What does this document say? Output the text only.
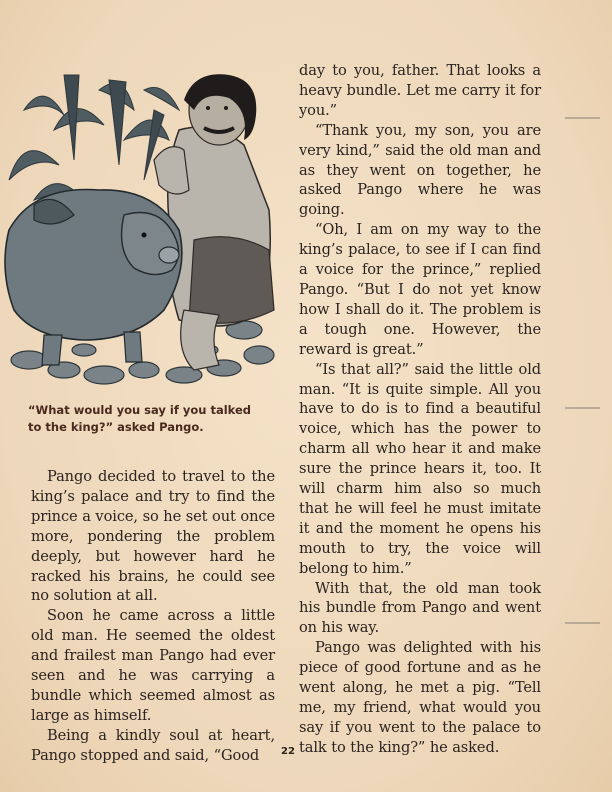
“What would you say if you talked to the king?” asked Pango.

Pango decided to travel to the king’s palace and try to find the prince a voice, so he set out once more, pondering the problem deeply, but however hard he racked his brains, he could see no solution at all.

Soon he came across a little old man. He seemed the oldest and frailest man Pango had ever seen and he was carrying a bundle which seemed almost as large as himself.

Being a kindly soul at heart, Pango stopped and said, “Good

day to you, father. That looks a heavy bundle. Let me carry it for you.”

“Thank you, my son, you are very kind,” said the old man and as they went on together, he asked Pango where he was going.

“Oh, I am on my way to the king’s palace, to see if I can find a voice for the prince,” replied Pango. “But I do not yet know how I shall do it. The problem is a tough one. However, the reward is great.”

“Is that all?” said the little old man. “It is quite simple. All you have to do is to find a beautiful voice, which has the power to charm all who hear it and make sure the prince hears it, too. It will charm him also so much that he will feel he must imitate it and the moment he opens his mouth to try, the voice will belong to him.”

With that, the old man took his bundle from Pango and went on his way.

Pango was delighted with his piece of good fortune and as he went along, he met a pig. “Tell me, my friend, what would you say if you went to the palace to talk to the king?” he asked.

22
